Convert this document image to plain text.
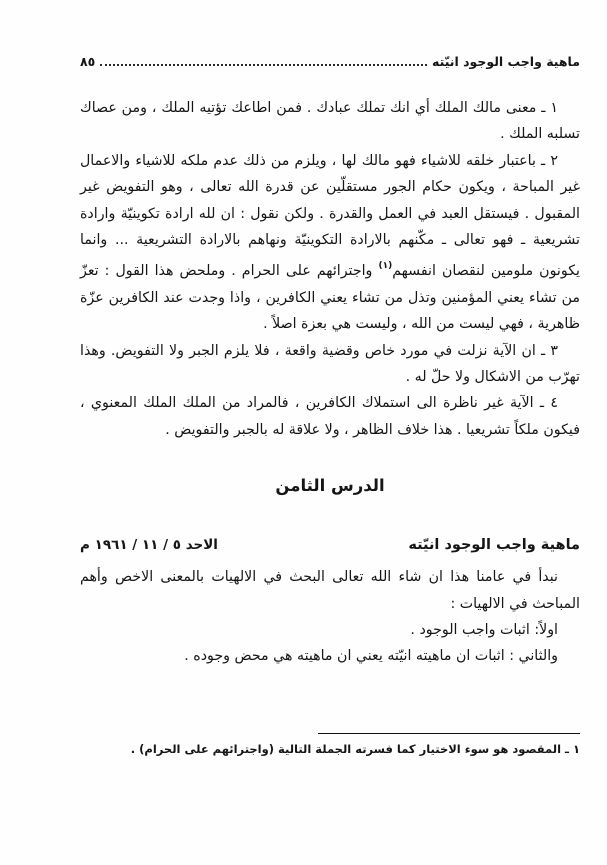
ماهية واجب الوجود انيّته
٨٥

١ ـ معنى مالك الملك أي انك تملك عبادك . فمن اطاعك تؤتيه الملك ، ومن عصاك تسلبه الملك .

٢ ـ باعتبار خلقه للاشياء فهو مالك لها ، ويلزم من ذلك عدم ملكه للاشياء والاعمال غير المباحة ، ويكون حكام الجور مستقلّين عن قدرة الله تعالى ، وهو التفويض غير المقبول . فيستقل العبد في العمل والقدرة . ولكن نقول : ان لله ارادة تكوينيّة وارادة تشريعية ـ فهو تعالى ـ مكّنهم بالارادة التكوينيّة ونهاهم بالارادة التشريعية ... وانما يكونون ملومين لنقصان انفسهم$^{(١)}$ واجترائهم على الحرام . وملحض هذا القول : تعزّ من تشاء يعني المؤمنين وتذل من تشاء يعني الكافرين ، واذا وجدت عند الكافرين عزّة ظاهرية ، فهي ليست من الله ، وليست هي بعزة اصلاً .

٣ ـ ان الآية نزلت في مورد خاص وقضية واقعة ، فلا يلزم الجبر ولا التفويض. وهذا تهرّب من الاشكال ولا حلّ له .

٤ ـ الآية غير ناظرة الى استملاك الكافرين ، فالمراد من الملك الملك المعنوي ، فيكون ملكاً تشريعيا . هذا خلاف الظاهر ، ولا علاقة له بالجبر والتفويض .

الدرس الثامن
ماهية واجب الوجود انيّته
الاحد ٥ / ١١ / ١٩٦١ م

نبدأ في عامنا هذا ان شاء الله تعالى البحث في الالهيات بالمعنى الاخص وأهم المباحث في الالهيات :

اولاً: اثبات واجب الوجود .

والثاني : اثبات ان ماهيته انيّته يعني ان ماهيته هي محض وجوده .

١ ـ المقصود هو سوء الاختيار كما فسرته الجملة التالية (واجترائهم على الحرام) .
